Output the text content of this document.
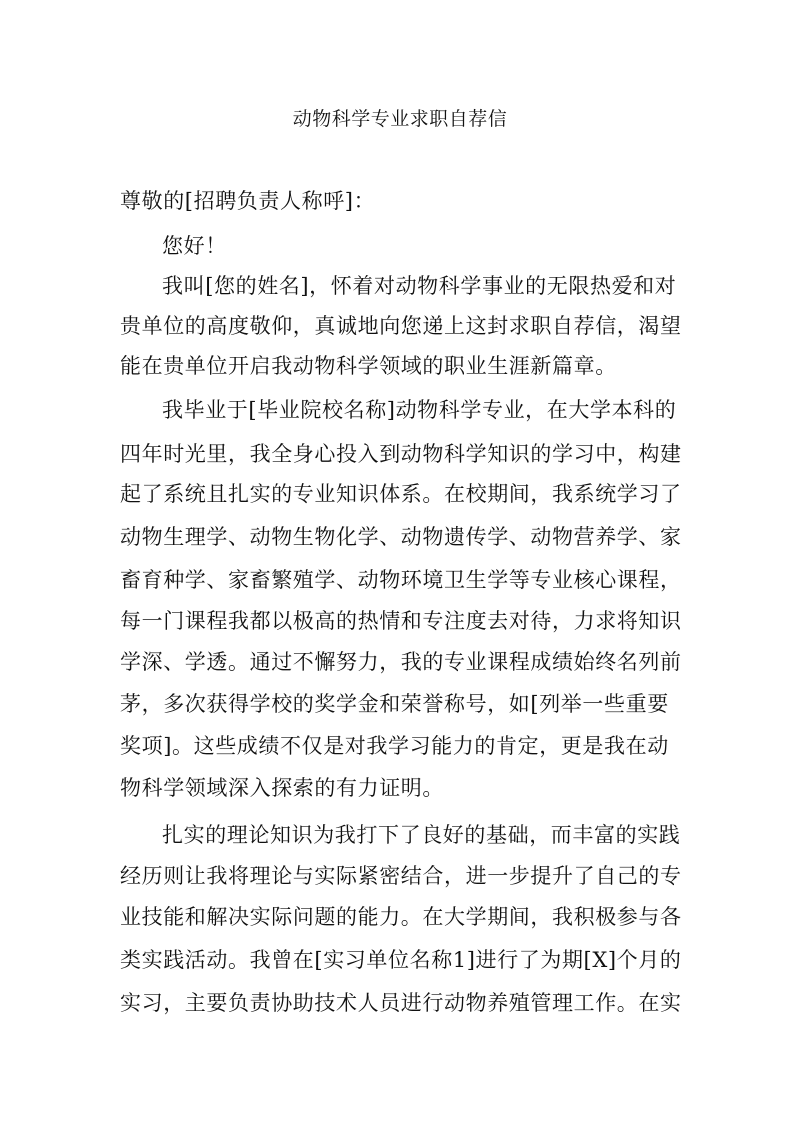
动物科学专业求职自荐信
尊敬的[招聘负责人称呼]：
您好！
我叫[您的姓名]，怀着对动物科学事业的无限热爱和对
贵单位的高度敬仰，真诚地向您递上这封求职自荐信，渴望
能在贵单位开启我动物科学领域的职业生涯新篇章。
我毕业于[毕业院校名称]动物科学专业，在大学本科的
四年时光里，我全身心投入到动物科学知识的学习中，构建
起了系统且扎实的专业知识体系。在校期间，我系统学习了
动物生理学、动物生物化学、动物遗传学、动物营养学、家
畜育种学、家畜繁殖学、动物环境卫生学等专业核心课程，
每一门课程我都以极高的热情和专注度去对待，力求将知识
学深、学透。通过不懈努力，我的专业课程成绩始终名列前
茅，多次获得学校的奖学金和荣誉称号，如[列举一些重要
奖项]。这些成绩不仅是对我学习能力的肯定，更是我在动
物科学领域深入探索的有力证明。
扎实的理论知识为我打下了良好的基础，而丰富的实践
经历则让我将理论与实际紧密结合，进一步提升了自己的专
业技能和解决实际问题的能力。在大学期间，我积极参与各
类实践活动。我曾在[实习单位名称1]进行了为期[X]个月的
实习，主要负责协助技术人员进行动物养殖管理工作。在实
